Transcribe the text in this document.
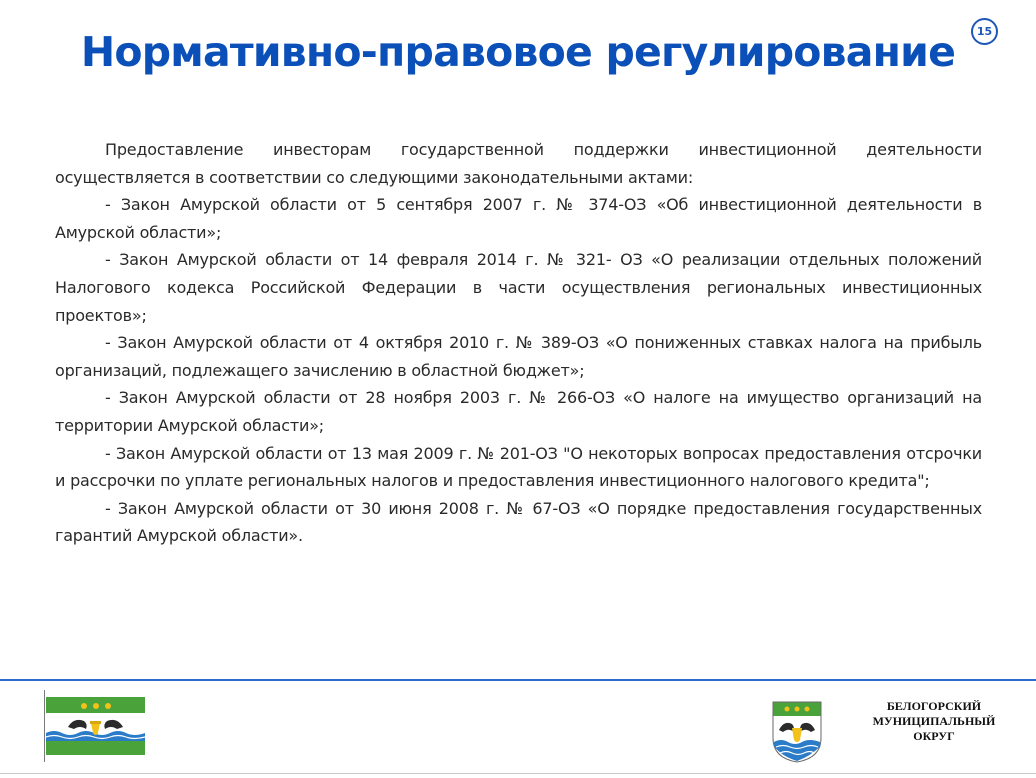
Нормативно-правовое регулирование	15

Предоставление инвесторам государственной поддержки инвестиционной деятельности осуществляется в соответствии со следующими законодательными актами:

- Закон Амурской области от 5 сентября 2007 г. № 374-ОЗ «Об инвестиционной деятельности в Амурской области»;

- Закон Амурской области от 14 февраля 2014 г. № 321- ОЗ «О реализации отдельных положений Налогового кодекса Российской Федерации в части осуществления региональных инвестиционных проектов»;

- Закон Амурской области от 4 октября 2010 г. № 389-ОЗ «О пониженных ставках налога на прибыль организаций, подлежащего зачислению в областной бюджет»;

- Закон Амурской области от 28 ноября 2003 г. № 266-ОЗ «О налоге на имущество организаций на территории Амурской области»;

- Закон Амурской области от 13 мая 2009 г. № 201-ОЗ "О некоторых вопросах предоставления отсрочки и рассрочки по уплате региональных налогов и предоставления инвестиционного налогового кредита";

- Закон Амурской области от 30 июня 2008 г. № 67-ОЗ «О порядке предоставления государственных гарантий Амурской области».

БЕЛОГОРСКИЙ
МУНИЦИПАЛЬНЫЙ
ОКРУГ
